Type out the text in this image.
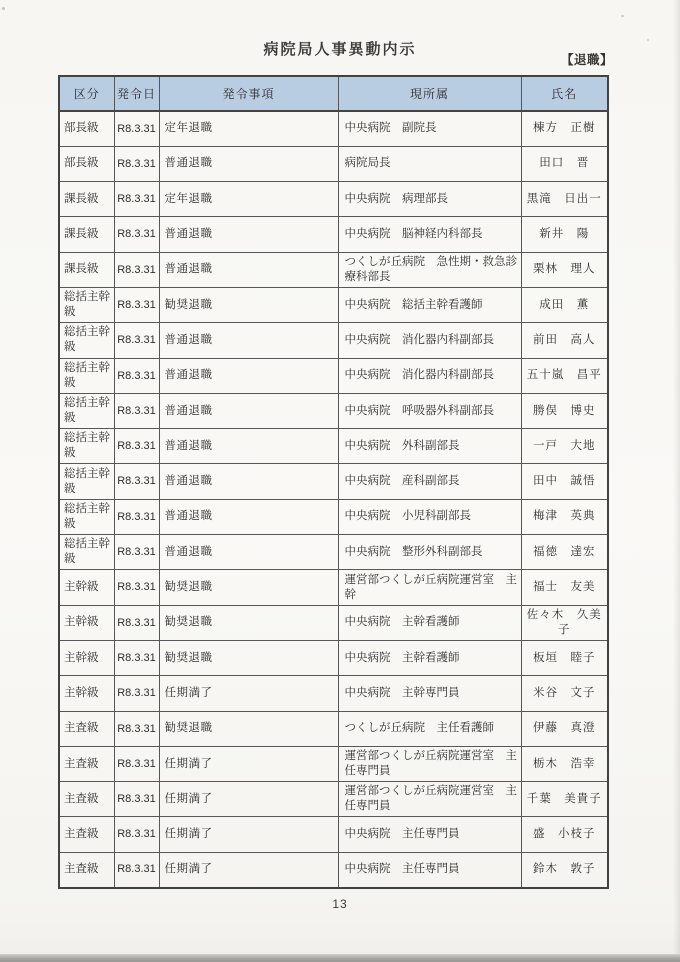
病院局人事異動内示
【退職】
区分	発令日	発令事項	現所属	氏名
部長級	R8.3.31	定年退職	中央病院　副院長	棟方　正樹
部長級	R8.3.31	普通退職	病院局長	田口　晋
課長級	R8.3.31	定年退職	中央病院　病理部長	黒滝　日出一
課長級	R8.3.31	普通退職	中央病院　脳神経内科部長	新井　陽
課長級	R8.3.31	普通退職	つくしが丘病院　急性期・救急診療科部長	栗林　理人
総括主幹級	R8.3.31	勧奨退職	中央病院　総括主幹看護師	成田　薫
総括主幹級	R8.3.31	普通退職	中央病院　消化器内科副部長	前田　高人
総括主幹級	R8.3.31	普通退職	中央病院　消化器内科副部長	五十嵐　昌平
総括主幹級	R8.3.31	普通退職	中央病院　呼吸器外科副部長	勝俣　博史
総括主幹級	R8.3.31	普通退職	中央病院　外科副部長	一戸　大地
総括主幹級	R8.3.31	普通退職	中央病院　産科副部長	田中　誠悟
総括主幹級	R8.3.31	普通退職	中央病院　小児科副部長	梅津　英典
総括主幹級	R8.3.31	普通退職	中央病院　整形外科副部長	福徳　達宏
主幹級	R8.3.31	勧奨退職	運営部つくしが丘病院運営室　主幹	福士　友美
主幹級	R8.3.31	勧奨退職	中央病院　主幹看護師	佐々木　久美子
主幹級	R8.3.31	勧奨退職	中央病院　主幹看護師	板垣　睦子
主幹級	R8.3.31	任期満了	中央病院　主幹専門員	米谷　文子
主査級	R8.3.31	勧奨退職	つくしが丘病院　主任看護師	伊藤　真澄
主査級	R8.3.31	任期満了	運営部つくしが丘病院運営室　主任専門員	栃木　浩幸
主査級	R8.3.31	任期満了	運営部つくしが丘病院運営室　主任専門員	千葉　美貴子
主査級	R8.3.31	任期満了	中央病院　主任専門員	盛　小枝子
主査級	R8.3.31	任期満了	中央病院　主任専門員	鈴木　敦子
13
